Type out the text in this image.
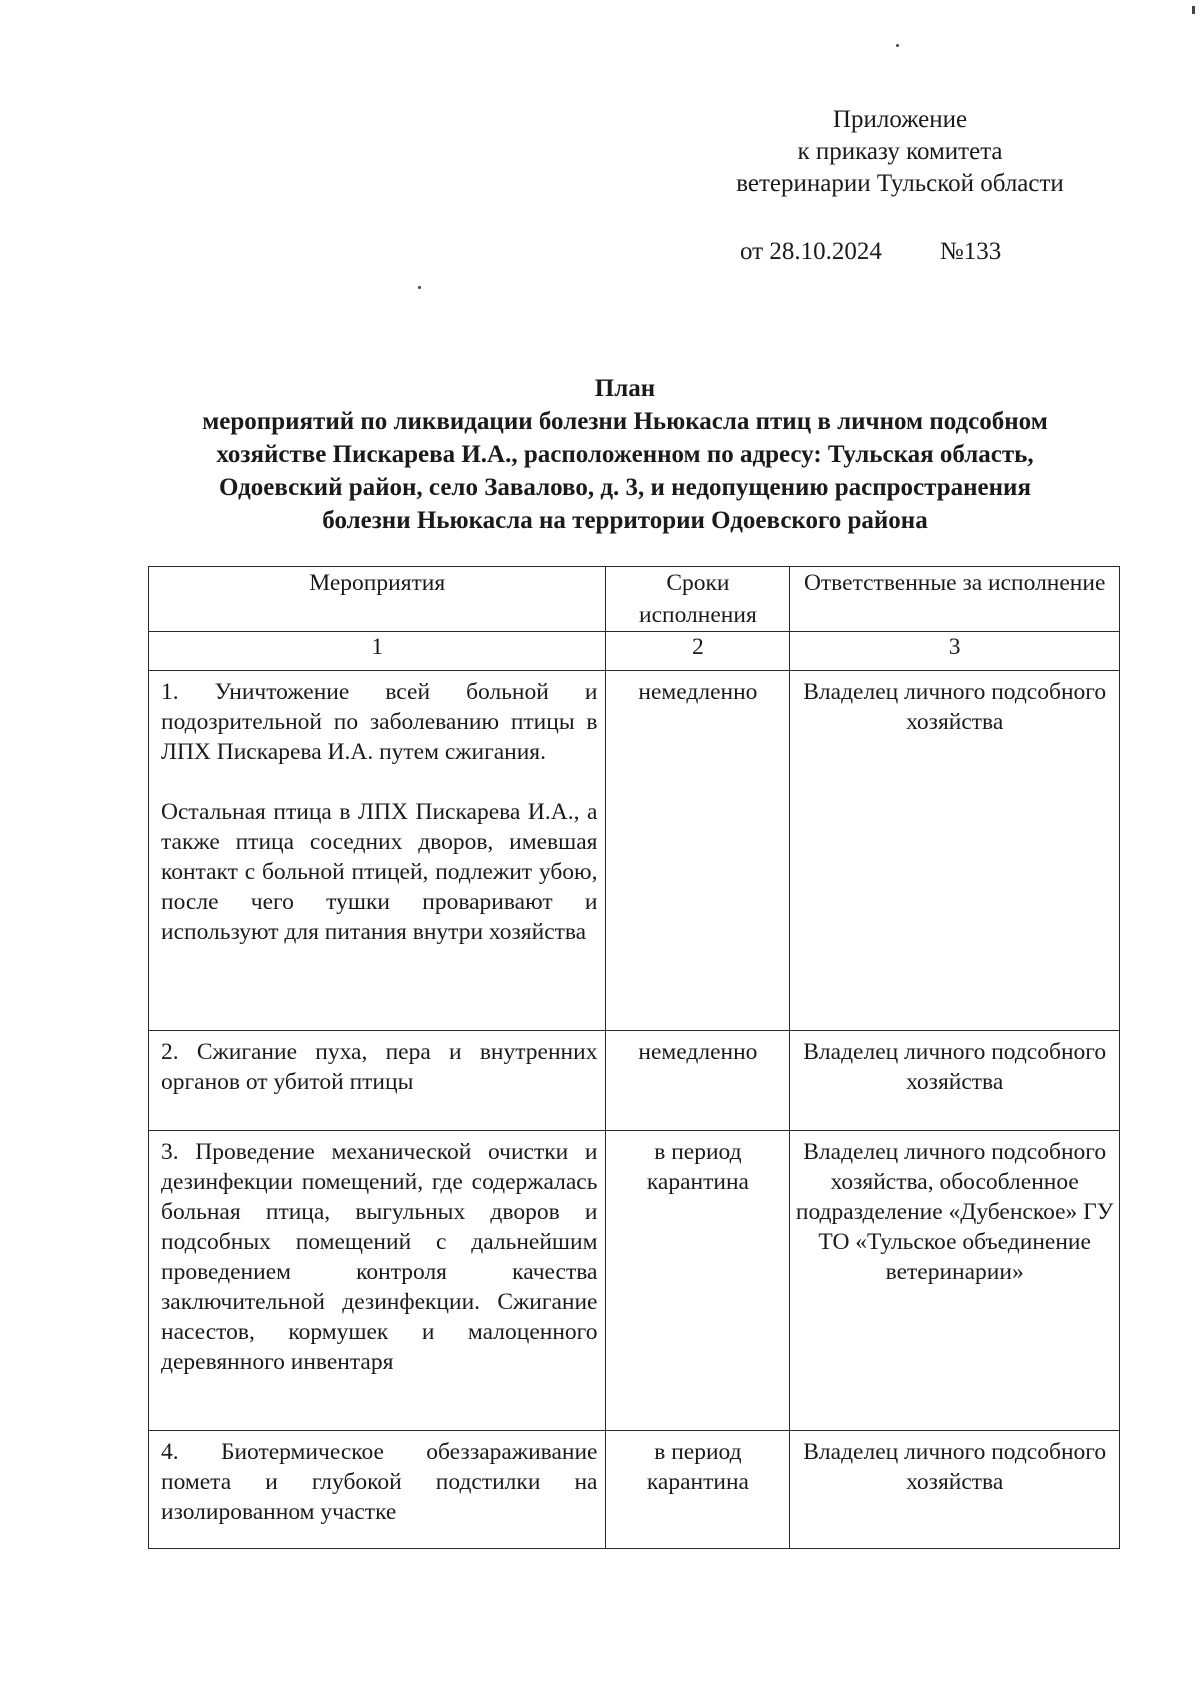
Приложение
к приказу комитета
ветеринарии Тульской области
от 28.10.2024 №133
План
мероприятий по ликвидации болезни Ньюкасла птиц в личном подсобном
хозяйстве Пискарева И.А., расположенном по адресу: Тульская область,
Одоевский район, село Завалово, д. 3, и недопущению распространения
болезни Ньюкасла на территории Одоевского района
Мероприятия	Сроки исполнения	Ответственные за исполнение
1	2	3

1. Уничтожение всей больной и подозрительной по заболеванию птицы в ЛПХ Пискарева И.А. путем сжигания.

Остальная птица в ЛПХ Пискарева И.А., а также птица соседних дворов, имевшая контакт с больной птицей, подлежит убою, после чего тушки проваривают и используют для питания внутри хозяйства	немедленно	Владелец личного подсобного хозяйства

2. Сжигание пуха, пера и внутренних органов от убитой птицы	немедленно	Владелец личного подсобного хозяйства

3. Проведение механической очистки и дезинфекции помещений, где содержалась больная птица, выгульных дворов и подсобных помещений с дальнейшим проведением контроля качества заключительной дезинфекции. Сжигание насестов, кормушек и малоценного деревянного инвентаря	в период карантина	Владелец личного подсобного хозяйства, обособленное подразделение «Дубенское» ГУ ТО «Тульское объединение ветеринарии»

4. Биотермическое обеззараживание помета и глубокой подстилки на изолированном участке	в период карантина	Владелец личного подсобного хозяйства
